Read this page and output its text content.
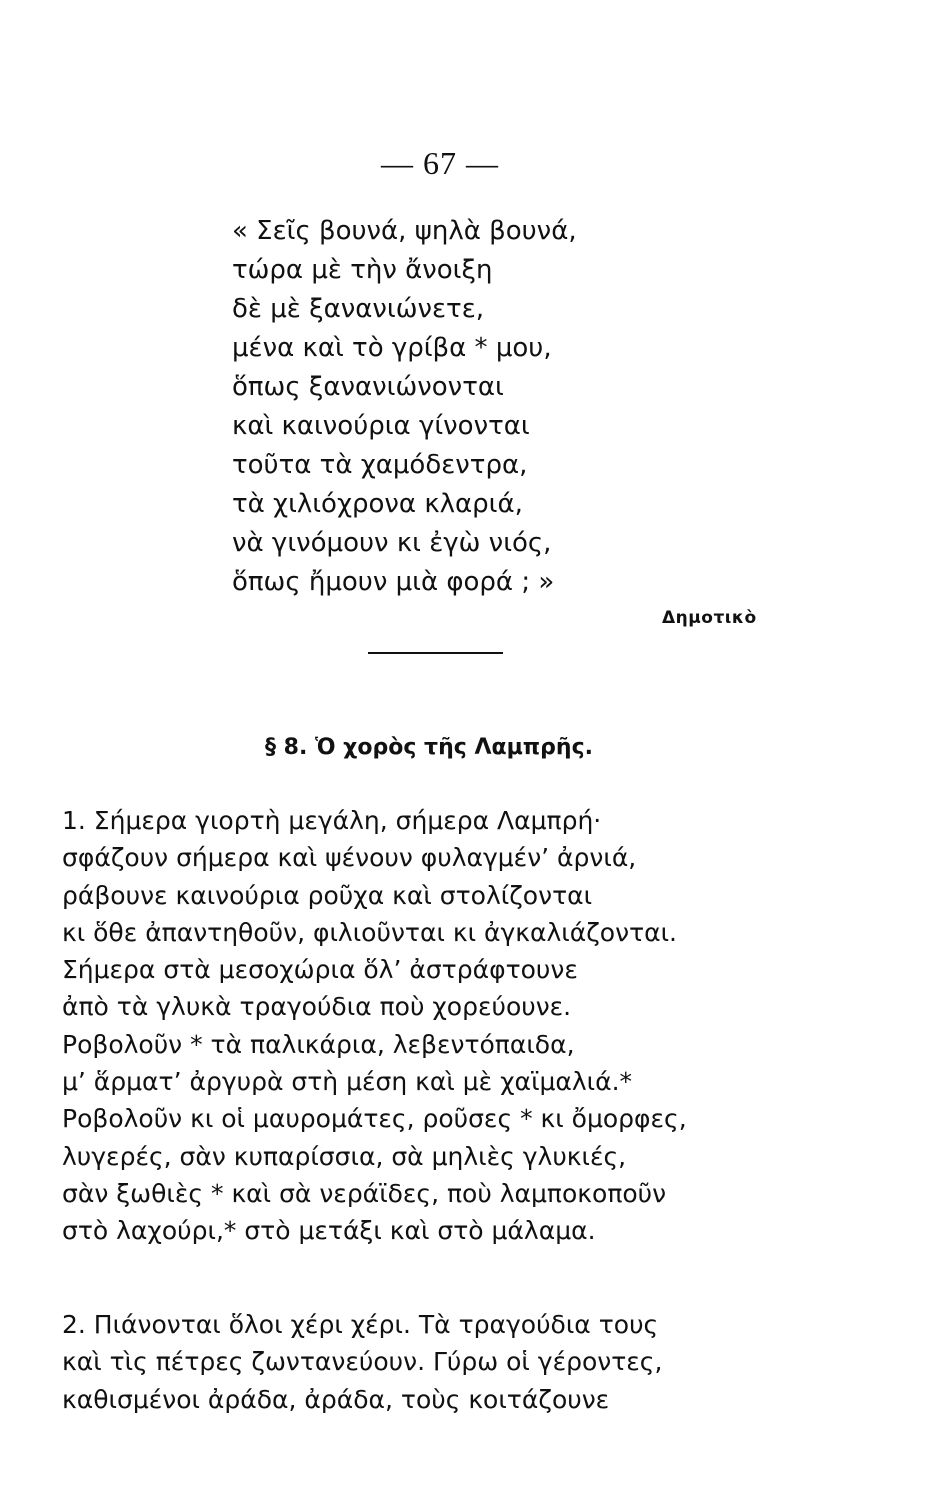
— 67 —
« Σεῖς βουνά, ψηλὰ βουνά,
τώρα μὲ τὴν ἄνοιξη
δὲ μὲ ξανανιώνετε,
μένα καὶ τὸ γρίβα * μου,
ὅπως ξανανιώνονται
καὶ καινούρια γίνονται
τοῦτα τὰ χαμόδεντρα,
τὰ χιλιόχρονα κλαριά,
νὰ γινόμουν κι ἐγὼ νιός,
ὅπως ἤμουν μιὰ φορά ; »
Δημοτικὸ
§ 8. Ὁ χορὸς τῆς Λαμπρῆς.
1. Σήμερα γιορτὴ μεγάλη, σήμερα Λαμπρή·
σφάζουν σήμερα καὶ ψένουν φυλαγμέν’ ἀρνιά,
ράβουνε καινούρια ροῦχα καὶ στολίζονται
κι ὅθε ἀπαντηθοῦν, φιλιοῦνται κι ἀγκαλιάζονται.
Σήμερα στὰ μεσοχώρια ὅλ’ ἀστράφτουνε
ἀπὸ τὰ γλυκὰ τραγούδια ποὺ χορεύουνε.
Ροβολοῦν * τὰ παλικάρια, λεβεντόπαιδα,
μ’ ἅρματ’ ἀργυρὰ στὴ μέση καὶ μὲ χαϊμαλιά.*
Ροβολοῦν κι οἱ μαυρομάτες, ροῦσες * κι ὄμορφες,
λυγερές, σὰν κυπαρίσσια, σὰ μηλιὲς γλυκιές,
σὰν ξωθιὲς * καὶ σὰ νεράϊδες, ποὺ λαμποκοποῦν
στὸ λαχούρι,* στὸ μετάξι καὶ στὸ μάλαμα.
2. Πιάνονται ὅλοι χέρι χέρι. Τὰ τραγούδια τους
καὶ τὶς πέτρες ζωντανεύουν. Γύρω οἱ γέροντες,
καθισμένοι ἀράδα, ἀράδα, τοὺς κοιτάζουνε
